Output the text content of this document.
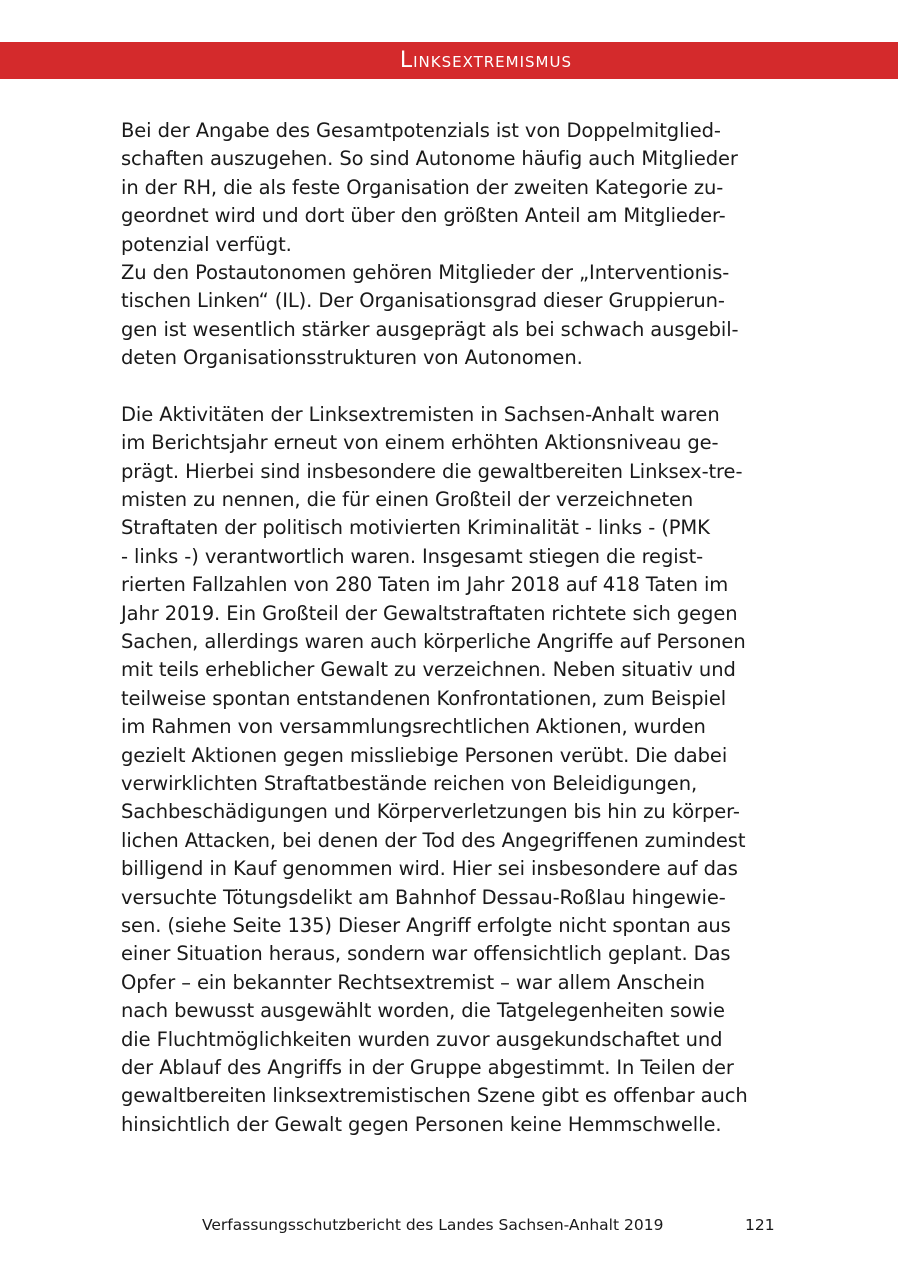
Linksextremismus
Bei der Angabe des Gesamtpotenzials ist von Doppelmitglied-
schaften auszugehen. So sind Autonome häufig auch Mitglieder
in der RH, die als feste Organisation der zweiten Kategorie zu-
geordnet wird und dort über den größten Anteil am Mitglieder-
potenzial verfügt.
Zu den Postautonomen gehören Mitglieder der „Interventionis-
tischen Linken“ (IL). Der Organisationsgrad dieser Gruppierun-
gen ist wesentlich stärker ausgeprägt als bei schwach ausgebil-
deten Organisationsstrukturen von Autonomen.
Die Aktivitäten der Linksextremisten in Sachsen-Anhalt waren
im Berichtsjahr erneut von einem erhöhten Aktionsniveau ge-
prägt. Hierbei sind insbesondere die gewaltbereiten Linksex-tre-
misten zu nennen, die für einen Großteil der verzeichneten
Straftaten der politisch motivierten Kriminalität - links - (PMK
- links -) verantwortlich waren. Insgesamt stiegen die regist-
rierten Fallzahlen von 280 Taten im Jahr 2018 auf 418 Taten im
Jahr 2019. Ein Großteil der Gewaltstraftaten richtete sich gegen
Sachen, allerdings waren auch körperliche Angriffe auf Personen
mit teils erheblicher Gewalt zu verzeichnen. Neben situativ und
teilweise spontan entstandenen Konfrontationen, zum Beispiel
im Rahmen von versammlungsrechtlichen Aktionen, wurden
gezielt Aktionen gegen missliebige Personen verübt. Die dabei
verwirklichten Straftatbestände reichen von Beleidigungen,
Sachbeschädigungen und Körperverletzungen bis hin zu körper-
lichen Attacken, bei denen der Tod des Angegriffenen zumindest
billigend in Kauf genommen wird. Hier sei insbesondere auf das
versuchte Tötungsdelikt am Bahnhof Dessau-Roßlau hingewie-
sen. (siehe Seite 135) Dieser Angriff erfolgte nicht spontan aus
einer Situation heraus, sondern war offensichtlich geplant. Das
Opfer – ein bekannter Rechtsextremist – war allem Anschein
nach bewusst ausgewählt worden, die Tatgelegenheiten sowie
die Fluchtmöglichkeiten wurden zuvor ausgekundschaftet und
der Ablauf des Angriffs in der Gruppe abgestimmt. In Teilen der
gewaltbereiten linksextremistischen Szene gibt es offenbar auch
hinsichtlich der Gewalt gegen Personen keine Hemmschwelle.
Verfassungsschutzbericht des Landes Sachsen-Anhalt 2019	121
